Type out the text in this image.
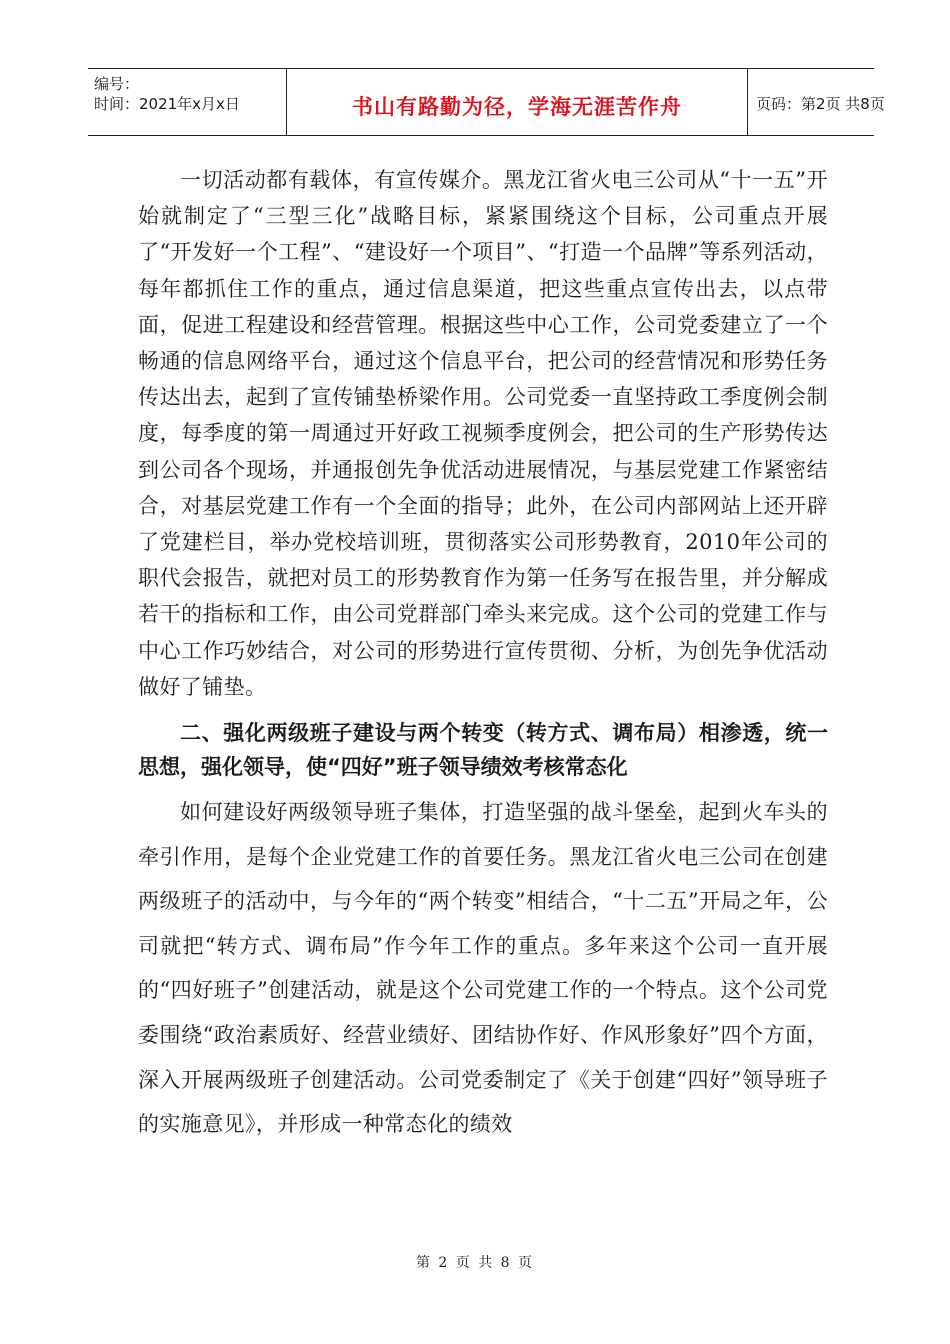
编号：
时间：2021年x月x日	书山有路勤为径，学海无涯苦作舟	页码：第2页 共8页

一切活动都有载体，有宣传媒介。黑龙江省火电三公司从“十一五”开始就制定了“三型三化”战略目标，紧紧围绕这个目标，公司重点开展了“开发好一个工程”、“建设好一个项目”、“打造一个品牌”等系列活动，每年都抓住工作的重点，通过信息渠道，把这些重点宣传出去，以点带面，促进工程建设和经营管理。根据这些中心工作，公司党委建立了一个畅通的信息网络平台，通过这个信息平台，把公司的经营情况和形势任务传达出去，起到了宣传铺垫桥梁作用。公司党委一直坚持政工季度例会制度，每季度的第一周通过开好政工视频季度例会，把公司的生产形势传达到公司各个现场，并通报创先争优活动进展情况，与基层党建工作紧密结合，对基层党建工作有一个全面的指导；此外，在公司内部网站上还开辟了党建栏目，举办党校培训班，贯彻落实公司形势教育，2010年公司的职代会报告，就把对员工的形势教育作为第一任务写在报告里，并分解成若干的指标和工作，由公司党群部门牵头来完成。这个公司的党建工作与中心工作巧妙结合，对公司的形势进行宣传贯彻、分析，为创先争优活动做好了铺垫。

二、强化两级班子建设与两个转变（转方式、调布局）相渗透，统一思想，强化领导，使“四好”班子领导绩效考核常态化

如何建设好两级领导班子集体，打造坚强的战斗堡垒，起到火车头的牵引作用，是每个企业党建工作的首要任务。黑龙江省火电三公司在创建两级班子的活动中，与今年的“两个转变”相结合，“十二五”开局之年，公司就把“转方式、调布局”作今年工作的重点。多年来这个公司一直开展的“四好班子”创建活动，就是这个公司党建工作的一个特点。这个公司党委围绕“政治素质好、经营业绩好、团结协作好、作风形象好”四个方面，深入开展两级班子创建活动。公司党委制定了《关于创建“四好”领导班子的实施意见》，并形成一种常态化的绩效

第 2 页 共 8 页
